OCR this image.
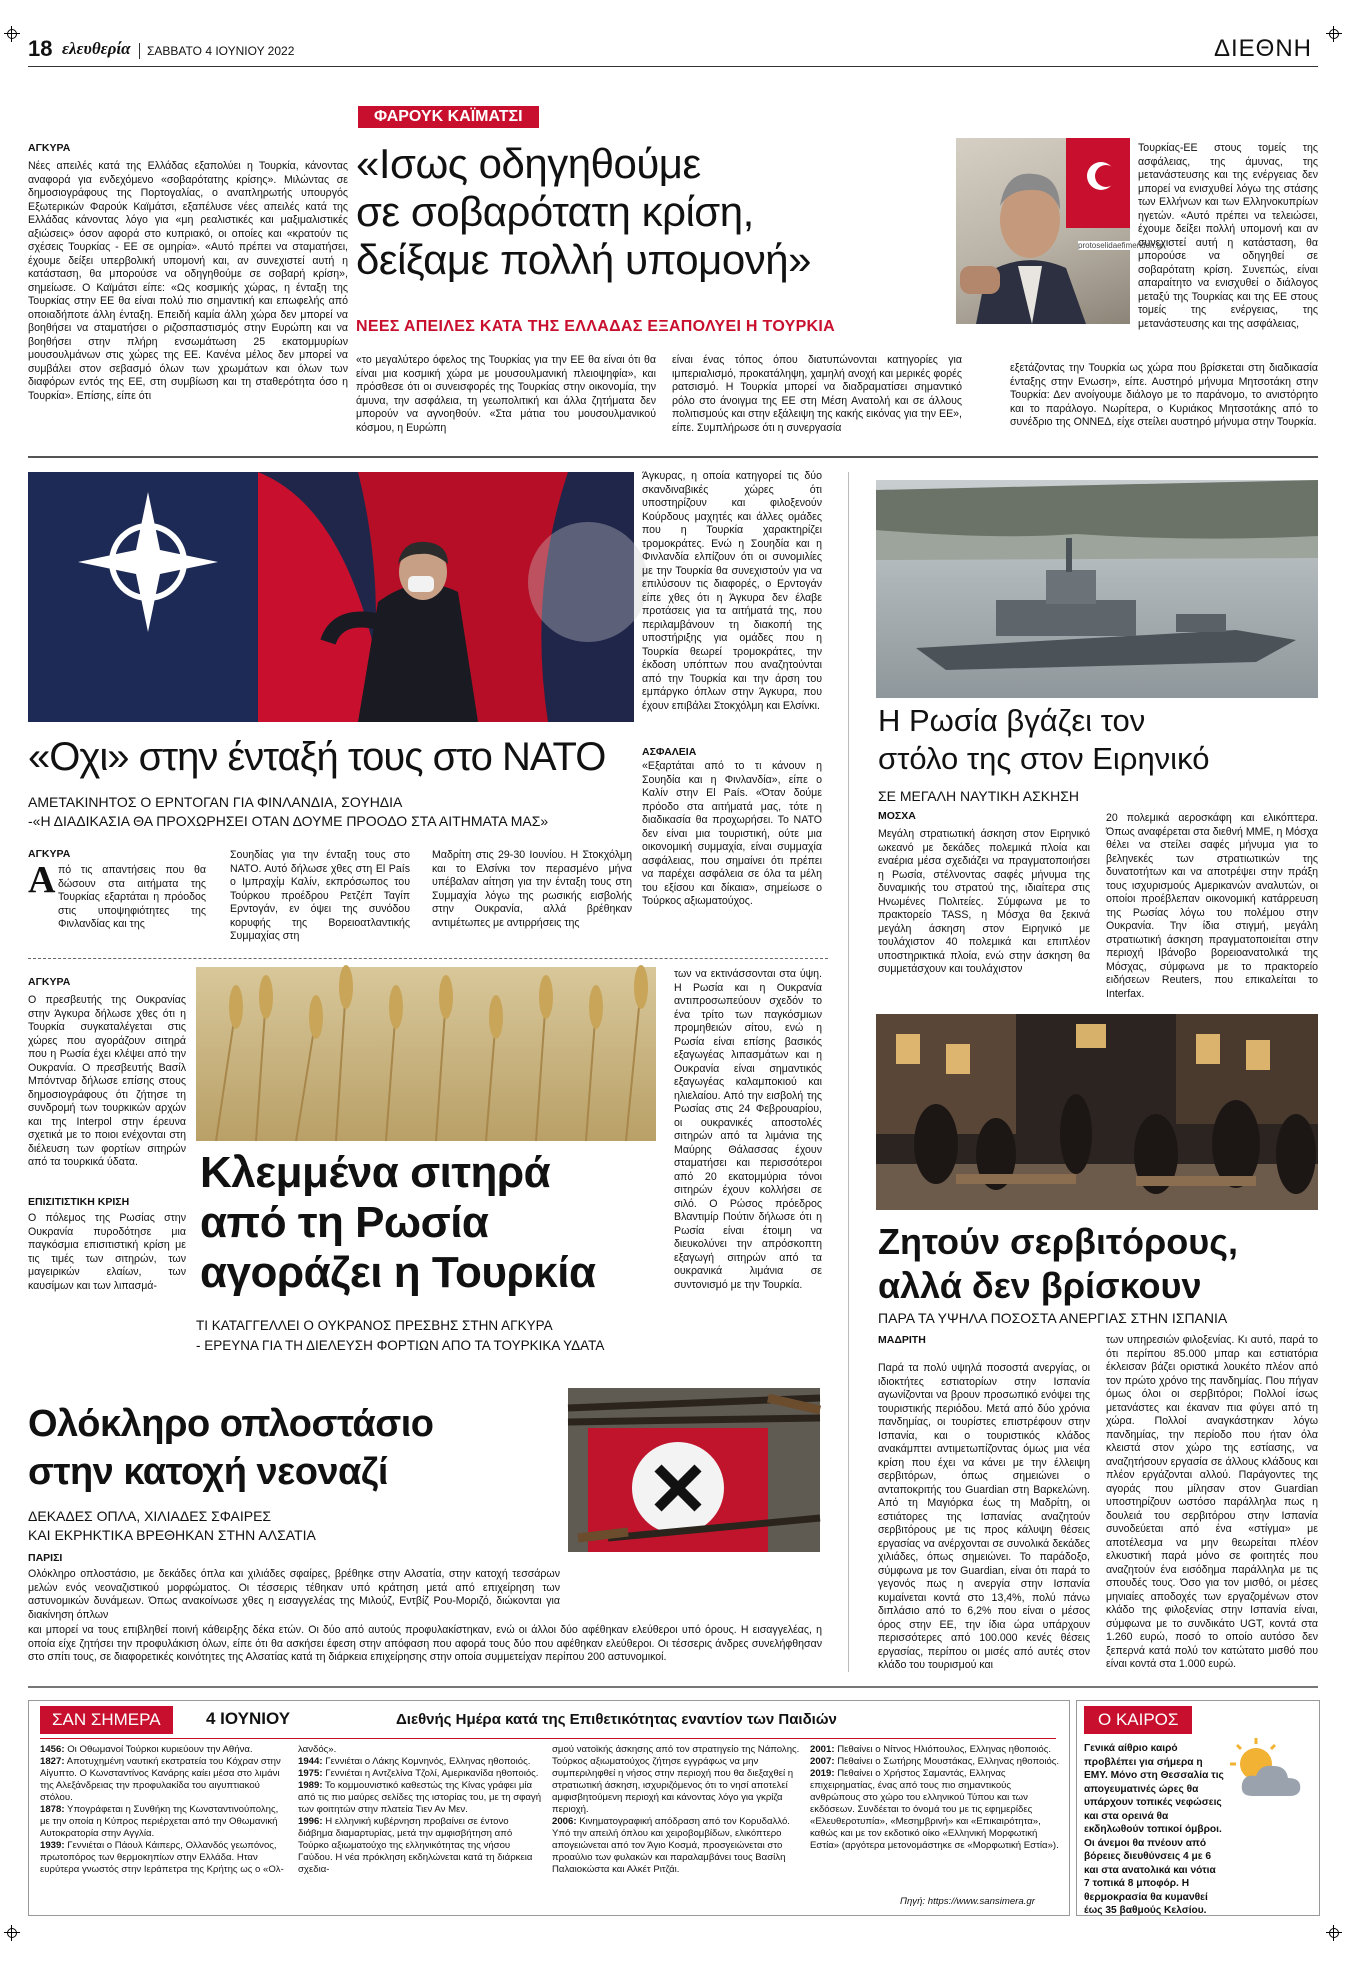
18 ελευθερία ΣΑΒΒΑΤΟ 4 ΙΟΥΝΙΟΥ 2022	ΔΙΕΘΝΗ
ΦΑΡΟΥΚ ΚΑΪΜΑΤΣΙ
«Ισως οδηγηθούμε
σε σοβαρότατη κρίση,
δείξαμε πολλή υπομονή»
ΝΕΕΣ ΑΠΕΙΛΕΣ ΚΑΤΑ ΤΗΣ ΕΛΛΑΔΑΣ ΕΞΑΠΟΛΥΕΙ Η ΤΟΥΡΚΙΑ
ΑΓΚΥΡΑ
Νέες απειλές κατά της Ελλάδας εξαπολύει η Τουρκία, κάνοντας αναφορά για ενδεχόμενο «σοβαρότατης κρίσης». Μιλώντας σε δημοσιογράφους της Πορτογαλίας, ο αναπληρωτής υπουργός Εξωτερικών Φαρούκ Καϊμάτσι, εξαπέλυσε νέες απειλές κατά της Ελλάδας κάνοντας λόγο για «μη ρεαλιστικές και μαξιμαλιστικές αξιώσεις» όσον αφορά στο κυπριακό, οι οποίες και «κρατούν τις σχέσεις Τουρκίας - ΕΕ σε ομηρία». «Αυτό πρέπει να σταματήσει, έχουμε δείξει υπερβολική υπομονή και, αν συνεχιστεί αυτή η κατάσταση, θα μπορούσε να οδηγηθούμε σε σοβαρή κρίση», σημείωσε. Ο Καϊμάτσι είπε: «Ως κοσμικής χώρας, η ένταξη της Τουρκίας στην ΕΕ θα είναι πολύ πιο σημαντική και επωφελής από οποιαδήποτε άλλη ένταξη. Επειδή καμία άλλη χώρα δεν μπορεί να βοηθήσει να σταματήσει ο ριζοσπαστισμός στην Ευρώπη και να βοηθήσει στην πλήρη ενσωμάτωση 25 εκατομμυρίων μουσουλμάνων στις χώρες της ΕΕ. Κανένα μέλος δεν μπορεί να συμβάλει στον σεβασμό όλων των χρωμάτων και όλων των διαφόρων εντός της ΕΕ, στη συμβίωση και τη σταθερότητα όσο η Τουρκία». Επίσης, είπε ότι
«το μεγαλύτερο όφελος της Τουρκίας για την ΕΕ θα είναι ότι θα είναι μια κοσμική χώρα με μουσουλμανική πλειοψηφία», και πρόσθεσε ότι οι συνεισφορές της Τουρκίας στην οικονομία, την άμυνα, την ασφάλεια, τη γεωπολιτική και άλλα ζητήματα δεν μπορούν να αγνοηθούν. «Στα μάτια του μουσουλμανικού κόσμου, η Ευρώπη
είναι ένας τόπος όπου διατυπώνονται κατηγορίες για ιμπεριαλισμό, προκατάληψη, χαμηλή ανοχή και μερικές φορές ρατσισμό. Η Τουρκία μπορεί να διαδραματίσει σημαντικό ρόλο στο άνοιγμα της ΕΕ στη Μέση Ανατολή και σε άλλους πολιτισμούς και στην εξάλειψη της κακής εικόνας για την ΕΕ», είπε. Συμπλήρωσε ότι η συνεργασία
protoselidaefimeridon.gr
Τουρκίας-ΕΕ στους τομείς της ασφάλειας, της άμυνας, της μετανάστευσης και της ενέργειας δεν μπορεί να ενισχυθεί λόγω της στάσης των Ελλήνων και των Ελληνοκυπρίων ηγετών. «Αυτό πρέπει να τελειώσει, έχουμε δείξει πολλή υπομονή και αν συνεχιστεί αυτή η κατάσταση, θα μπορούσε να οδηγηθεί σε σοβαρότατη κρίση. Συνεπώς, είναι απαραίτητο να ενισχυθεί ο διάλογος μεταξύ της Τουρκίας και της ΕΕ στους τομείς της ενέργειας, της μετανάστευσης και της ασφάλειας,
εξετάζοντας την Τουρκία ως χώρα που βρίσκεται στη διαδικασία ένταξης στην Ενωση», είπε. Αυστηρό μήνυμα Μητσοτάκη στην Τουρκία: Δεν ανοίγουμε διάλογο με το παράνομο, το ανιστόρητο και το παράλογο. Νωρίτερα, ο Κυριάκος Μητσοτάκης από το συνέδριο της ΟΝΝΕΔ, είχε στείλει αυστηρό μήνυμα στην Τουρκία.
«Οχι» στην ένταξή τους στο ΝΑΤΟ
ΑΜΕΤΑΚΙΝΗΤΟΣ Ο ΕΡΝΤΟΓΑΝ ΓΙΑ ΦΙΝΛΑΝΔΙΑ, ΣΟΥΗΔΙΑ
-«Η ΔΙΑΔΙΚΑΣΙΑ ΘΑ ΠΡΟΧΩΡΗΣΕΙ ΟΤΑΝ ΔΟΥΜΕ ΠΡΟΟΔΟ ΣΤΑ ΑΙΤΗΜΑΤΑ ΜΑΣ»
ΑΓΚΥΡΑ
Α πό τις απαντήσεις που θα δώσουν στα αιτήματα της Τουρκίας εξαρτάται η πρόοδος στις υποψηφιότητες της Φινλανδίας και της
Σουηδίας για την ένταξη τους στο ΝΑΤΟ. Αυτό δήλωσε χθες στη El País ο Ιμπραχίμ Καλίν, εκπρόσωπος του Τούρκου προέδρου Ρετζέπ Ταγίπ Ερντογάν, εν όψει της συνόδου κορυφής της Βορειοατλαντικής Συμμαχίας στη
Μαδρίτη στις 29-30 Ιουνίου. Η Στοκχόλμη και το Ελσίνκι τον περασμένο μήνα υπέβαλαν αίτηση για την ένταξη τους στη Συμμαχία λόγω της ρωσικής εισβολής στην Ουκρανία, αλλά βρέθηκαν αντιμέτωπες με αντιρρήσεις της
Άγκυρας, η οποία κατηγορεί τις δύο σκανδιναβικές χώρες ότι υποστηρίζουν και φιλοξενούν Κούρδους μαχητές και άλλες ομάδες που η Τουρκία χαρακτηρίζει τρομοκράτες. Ενώ η Σουηδία και η Φινλανδία ελπίζουν ότι οι συνομιλίες με την Τουρκία θα συνεχιστούν για να επιλύσουν τις διαφορές, ο Ερντογάν είπε χθες ότι η Άγκυρα δεν έλαβε προτάσεις για τα αιτήματά της, που περιλαμβάνουν τη διακοπή της υποστήριξης για ομάδες που η Τουρκία θεωρεί τρομοκράτες, την έκδοση υπόπτων που αναζητούνται από την Τουρκία και την άρση του εμπάργκο όπλων στην Άγκυρα, που έχουν επιβάλει Στοκχόλμη και Ελσίνκι.
ΑΣΦΑΛΕΙΑ
«Εξαρτάται από το τι κάνουν η Σουηδία και η Φινλανδία», είπε ο Καλίν στην El País. «Όταν δούμε πρόοδο στα αιτήματά μας, τότε η διαδικασία θα προχωρήσει. Το ΝΑΤΟ δεν είναι μια τουριστική, ούτε μια οικονομική συμμαχία, είναι συμμαχία ασφάλειας, που σημαίνει ότι πρέπει να παρέχει ασφάλεια σε όλα τα μέλη του εξίσου και δίκαια», σημείωσε ο Τούρκος αξιωματούχος.
Η Ρωσία βγάζει τον
στόλο της στον Ειρηνικό
ΣΕ ΜΕΓΑΛΗ ΝΑΥΤΙΚΗ ΑΣΚΗΣΗ
ΜΟΣΧΑ
Μεγάλη στρατιωτική άσκηση στον Ειρηνικό ωκεανό με δεκάδες πολεμικά πλοία και εναέρια μέσα σχεδιάζει να πραγματοποιήσει η Ρωσία, στέλνοντας σαφές μήνυμα της δυναμικής του στρατού της, ιδιαίτερα στις Ηνωμένες Πολιτείες. Σύμφωνα με το πρακτορείο TASS, η Μόσχα θα ξεκινά μεγάλη άσκηση στον Ειρηνικό με τουλάχιστον 40 πολεμικά και επιπλέον υποστηρικτικά πλοία, ενώ στην άσκηση θα συμμετάσχουν και τουλάχιστον
20 πολεμικά αεροσκάφη και ελικόπτερα. Όπως αναφέρεται στα διεθνή ΜΜΕ, η Μόσχα θέλει να στείλει σαφές μήνυμα για το βεληνεκές των στρατιωτικών της δυνατοτήτων και να αποτρέψει στην πράξη τους ισχυρισμούς Αμερικανών αναλυτών, οι οποίοι προέβλεπαν οικονομική κατάρρευση της Ρωσίας λόγω του πολέμου στην Ουκρανία. Την ίδια στιγμή, μεγάλη στρατιωτική άσκηση πραγματοποιείται στην περιοχή Ιβάνοβο βορειοανατολικά της Μόσχας, σύμφωνα με το πρακτορείο ειδήσεων Reuters, που επικαλείται το Interfax.
Κλεμμένα σιτηρά
από τη Ρωσία
αγοράζει η Τουρκία
ΤΙ ΚΑΤΑΓΓΕΛΛΕΙ Ο ΟΥΚΡΑΝΟΣ ΠΡΕΣΒΗΣ ΣΤΗΝ ΑΓΚΥΡΑ
- ΕΡΕΥΝΑ ΓΙΑ ΤΗ ΔΙΕΛΕΥΣΗ ΦΟΡΤΙΩΝ ΑΠΟ ΤΑ ΤΟΥΡΚΙΚΑ ΥΔΑΤΑ
ΑΓΚΥΡΑ
Ο πρεσβευτής της Ουκρανίας στην Άγκυρα δήλωσε χθες ότι η Τουρκία συγκαταλέγεται στις χώρες που αγοράζουν σιτηρά που η Ρωσία έχει κλέψει από την Ουκρανία. Ο πρεσβευτής Βασίλ Μπόντναρ δήλωσε επίσης στους δημοσιογράφους ότι ζήτησε τη συνδρομή των τουρκικών αρχών και της Interpol στην έρευνα σχετικά με το ποιοι ενέχονται στη διέλευση των φορτίων σιτηρών από τα τουρκικά ύδατα.
ΕΠΙΣΙΤΙΣΤΙΚΗ ΚΡΙΣΗ
Ο πόλεμος της Ρωσίας στην Ουκρανία πυροδότησε μια παγκόσμια επισιτιστική κρίση με τις τιμές των σιτηρών, των μαγειρικών ελαίων, των καυσίμων και των λιπασμά-
των να εκτινάσσονται στα ύψη. Η Ρωσία και η Ουκρανία αντιπροσωπεύουν σχεδόν το ένα τρίτο των παγκόσμιων προμηθειών σίτου, ενώ η Ρωσία είναι επίσης βασικός εξαγωγέας λιπασμάτων και η Ουκρανία είναι σημαντικός εξαγωγέας καλαμποκιού και ηλιελαίου. Από την εισβολή της Ρωσίας στις 24 Φεβρουαρίου, οι ουκρανικές αποστολές σιτηρών από τα λιμάνια της Μαύρης Θάλασσας έχουν σταματήσει και περισσότεροι από 20 εκατομμύρια τόνοι σιτηρών έχουν κολλήσει σε σιλό. Ο Ρώσος πρόεδρος Βλαντιμίρ Πούτιν δήλωσε ότι η Ρωσία είναι έτοιμη να διευκολύνει την απρόσκοπτη εξαγωγή σιτηρών από τα ουκρανικά λιμάνια σε συντονισμό με την Τουρκία.
Ζητούν σερβιτόρους,
αλλά δεν βρίσκουν
ΠΑΡΑ ΤΑ ΥΨΗΛΑ ΠΟΣΟΣΤΑ ΑΝΕΡΓΙΑΣ ΣΤΗΝ ΙΣΠΑΝΙΑ
ΜΑΔΡΙΤΗ
Παρά τα πολύ υψηλά ποσοστά ανεργίας, οι ιδιοκτήτες εστιατορίων στην Ισπανία αγωνίζονται να βρουν προσωπικό ενόψει της τουριστικής περιόδου. Μετά από δύο χρόνια πανδημίας, οι τουρίστες επιστρέφουν στην Ισπανία, και ο τουριστικός κλάδος ανακάμπτει αντιμετωπίζοντας όμως μια νέα κρίση που έχει να κάνει με την έλλειψη σερβιτόρων, όπως σημειώνει ο ανταποκριτής του Guardian στη Βαρκελώνη. Από τη Μαγιόρκα έως τη Μαδρίτη, οι εστιάτορες της Ισπανίας αναζητούν σερβιτόρους με τις προς κάλυψη θέσεις εργασίας να ανέρχονται σε συνολικά δεκάδες χιλιάδες, όπως σημειώνει. Το παράδοξο, σύμφωνα με τον Guardian, είναι ότι παρά το γεγονός πως η ανεργία στην Ισπανία κυμαίνεται κοντά στο 13,4%, πολύ πάνω διπλάσιο από το 6,2% που είναι ο μέσος όρος στην ΕΕ, την ίδια ώρα υπάρχουν περισσότερες από 100.000 κενές θέσεις εργασίας, περίπου οι μισές από αυτές στον κλάδο του τουρισμού και
των υπηρεσιών φιλοξενίας. Κι αυτό, παρά το ότι περίπου 85.000 μπαρ και εστιατόρια έκλεισαν βάζει οριστικά λουκέτο πλέον από τον πρώτο χρόνο της πανδημίας. Που πήγαν όμως όλοι οι σερβιτόροι; Πολλοί ίσως μετανάστες και έκαναν πια φύγει από τη χώρα. Πολλοί αναγκάστηκαν λόγω πανδημίας, την περίοδο που ήταν όλα κλειστά στον χώρο της εστίασης, να αναζητήσουν εργασία σε άλλους κλάδους και πλέον εργάζονται αλλού. Παράγοντες της αγοράς που μίλησαν στον Guardian υποστηρίζουν ωστόσο παράλληλα πως η δουλειά του σερβιτόρου στην Ισπανία συνοδεύεται από ένα «στίγμα» με αποτέλεσμα να μην θεωρείται πλέον ελκυστική παρά μόνο σε φοιτητές που αναζητούν ένα εισόδημα παράλληλα με τις σπουδές τους. Όσο για τον μισθό, οι μέσες μηνιαίες αποδοχές των εργαζομένων στον κλάδο της φιλοξενίας στην Ισπανία είναι, σύμφωνα με το συνδικάτο UGT, κοντά στα 1.260 ευρώ, ποσό το οποίο αυτόσο δεν ξεπερνά κατά πολύ τον κατώτατο μισθό που είναι κοντά στα 1.000 ευρώ.
Ολόκληρο οπλοστάσιο
στην κατοχή νεοναζί
ΔΕΚΑΔΕΣ ΟΠΛΑ, ΧΙΛΙΑΔΕΣ ΣΦΑΙΡΕΣ
ΚΑΙ ΕΚΡΗΚΤΙΚΑ ΒΡΕΘΗΚΑΝ ΣΤΗΝ ΑΛΣΑΤΙΑ
ΠΑΡΙΣΙ
Ολόκληρο οπλοστάσιο, με δεκάδες όπλα και χιλιάδες σφαίρες, βρέθηκε στην Αλσατία, στην κατοχή τεσσάρων μελών ενός νεοναζιστικού μορφώματος. Οι τέσσερις τέθηκαν υπό κράτηση μετά από επιχείρηση των αστυνομικών δυνάμεων. Όπως ανακοίνωσε χθες η εισαγγελέας της Μιλούζ, Εντβίζ Ρου-Μοριζό, διώκονται για διακίνηση όπλων
και μπορεί να τους επιβληθεί ποινή κάθειρξης δέκα ετών. Οι δύο από αυτούς προφυλακίστηκαν, ενώ οι άλλοι δύο αφέθηκαν ελεύθεροι υπό όρους. Η εισαγγελέας, η οποία είχε ζητήσει την προφυλάκιση όλων, είπε ότι θα ασκήσει έφεση στην απόφαση που αφορά τους δύο που αφέθηκαν ελεύθεροι. Οι τέσσερις άνδρες συνελήφθησαν στο σπίτι τους, σε διαφορετικές κοινότητες της Αλσατίας κατά τη διάρκεια επιχείρησης στην οποία συμμετείχαν περίπου 200 αστυνομικοί.
ΣΑΝ ΣΗΜΕΡΑ	4 ΙΟΥΝΙΟΥ	Διεθνής Ημέρα κατά της Επιθετικότητας εναντίον των Παιδιών
1456: Οι Οθωμανοί Τούρκοι κυριεύουν την Αθήνα.
1827: Αποτυχημένη ναυτική εκστρατεία του Κόχραν στην Αίγυπτο. Ο Κωνσταντίνος Κανάρης καίει μέσα στο λιμάνι της Αλεξάνδρειας την προφυλακίδα του αιγυπτιακού στόλου.
1878: Υπογράφεται η Συνθήκη της Κωνσταντινούπολης, με την οποία η Κύπρος περιέρχεται από την Οθωμανική Αυτοκρατορία στην Αγγλία.
1939: Γεννιέται ο Πάουλ Κάιπερς, Ολλανδός γεωπόνος, πρωτοπόρος των θερμοκηπίων στην Ελλάδα. Ηταν ευρύτερα γνωστός στην Ιεράπετρα της Κρήτης ως ο «Ολ-
λανδός».
1944: Γεννιέται ο Λάκης Κομνηνός, Ελληνας ηθοποιός.
1975: Γεννιέται η Αντζελίνα Τζολί, Αμερικανίδα ηθοποιός.
1989: Το κομμουνιστικό καθεστώς της Κίνας γράφει μία από τις πιο μαύρες σελίδες της ιστορίας του, με τη σφαγή των φοιτητών στην πλατεία Τιεν Αν Μεν.
1996: Η ελληνική κυβέρνηση προβαίνει σε έντονο διάβημα διαμαρτυρίας, μετά την αμφισβήτηση από Τούρκο αξιωματούχο της ελληνικότητας της νήσου Γαύδου. Η νέα πρόκληση εκδηλώνεται κατά τη διάρκεια σχεδια-
σμού νατοϊκής άσκησης από τον στρατηγείο της Νάπολης. Τούρκος αξιωματούχος ζήτησε εγγράφως να μην συμπεριληφθεί η νήσος στην περιοχή που θα διεξαχθεί η στρατιωτική άσκηση, ισχυριζόμενος ότι το νησί αποτελεί αμφισβητούμενη περιοχή και κάνοντας λόγο για γκρίζα περιοχή.
2006: Κινηματογραφική απόδραση από τον Κορυδαλλό. Υπό την απειλή όπλου και χειροβομβίδων, ελικόπτερο απογειώνεται από τον Άγιο Κοσμά, προσγειώνεται στο προαύλιο των φυλακών και παραλαμβάνει τους Βασίλη Παλαιοκώστα και Αλκέτ Ριτζάι.
2001: Πεθαίνει ο Νίτνος Ηλιόπουλος, Ελληνας ηθοποιός.
2007: Πεθαίνει ο Σωτήρης Μουστάκας, Ελληνας ηθοποιός.
2019: Πεθαίνει ο Χρήστος Σαμαντάς, Ελληνας επιχειρηματίας, ένας από τους πιο σημαντικούς ανθρώπους στο χώρο του ελληνικού Τύπου και των εκδόσεων. Συνδέεται το όνομά του με τις εφημερίδες «Ελευθεροτυπία», «Μεσημβρινή» και «Επικαιρότητα», καθώς και με τον εκδοτικό οίκο «Ελληνική Μορφωτική Εστία» (αργότερα μετονομάστηκε σε «Μορφωτική Εστία»).
Πηγή: https://www.sansimera.gr
Ο ΚΑΙΡΟΣ
Γενικά αίθριο καιρό προβλέπει για σήμερα η ΕΜΥ. Μόνο στη Θεσσαλία τις απογευματινές ώρες θα υπάρχουν τοπικές νεφώσεις και στα ορεινά θα εκδηλωθούν τοπικοί όμβροι. Οι άνεμοι θα πνέουν από βόρειες διευθύνσεις 4 με 6 και στα ανατολικά και νότια 7 τοπικά 8 μποφόρ. Η θερμοκρασία θα κυμανθεί έως 35 βαθμούς Κελσίου.
